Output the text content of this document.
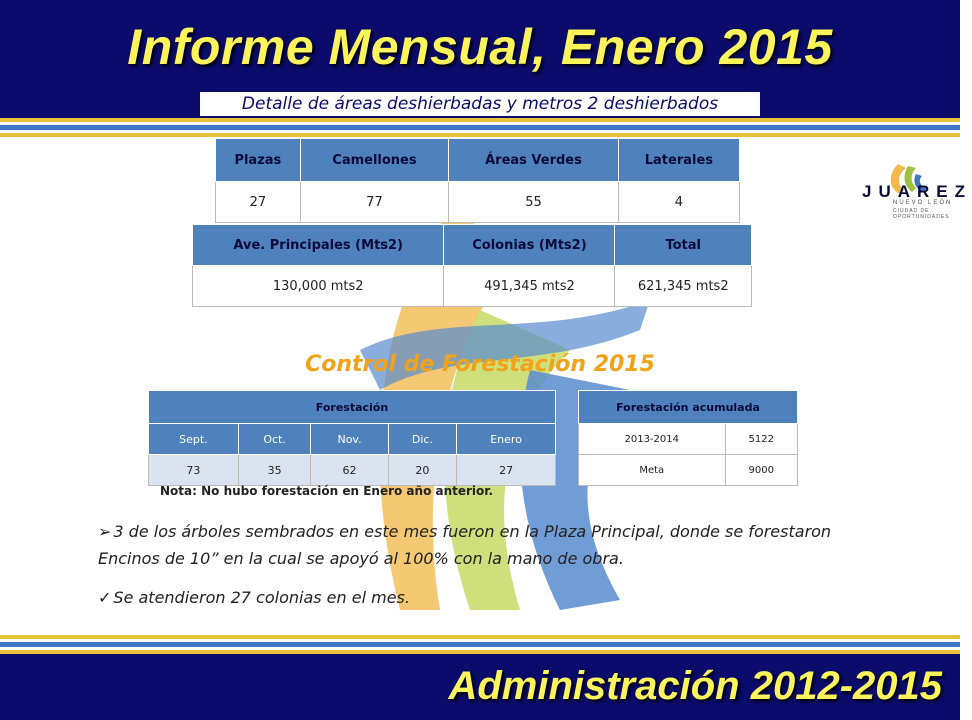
Informe Mensual, Enero 2015
Detalle de áreas deshierbadas y metros 2 deshierbados
JUAREZ
NUEVO LEÓN
CIUDAD DE OPORTUNIDADES
Plazas	Camellones	Áreas Verdes	Laterales
27	77	55	4
Ave. Principales (Mts2)	Colonias (Mts2)	Total
130,000 mts2	491,345 mts2	621,345 mts2
Control de Forestación 2015
Forestación				
Sept.	Oct.	Nov.	Dic.	Enero
73	35	62	20	27
Forestación acumulada	
2013-2014	5122
Meta	9000
Nota: No hubo forestación en Enero año anterior.
➢ 3 de los árboles sembrados en este mes fueron en la Plaza Principal, donde se forestaron Encinos de 10” en la cual se apoyó al 100% con la mano de obra.
✓ Se atendieron 27 colonias en el mes.
Administración 2012-2015
